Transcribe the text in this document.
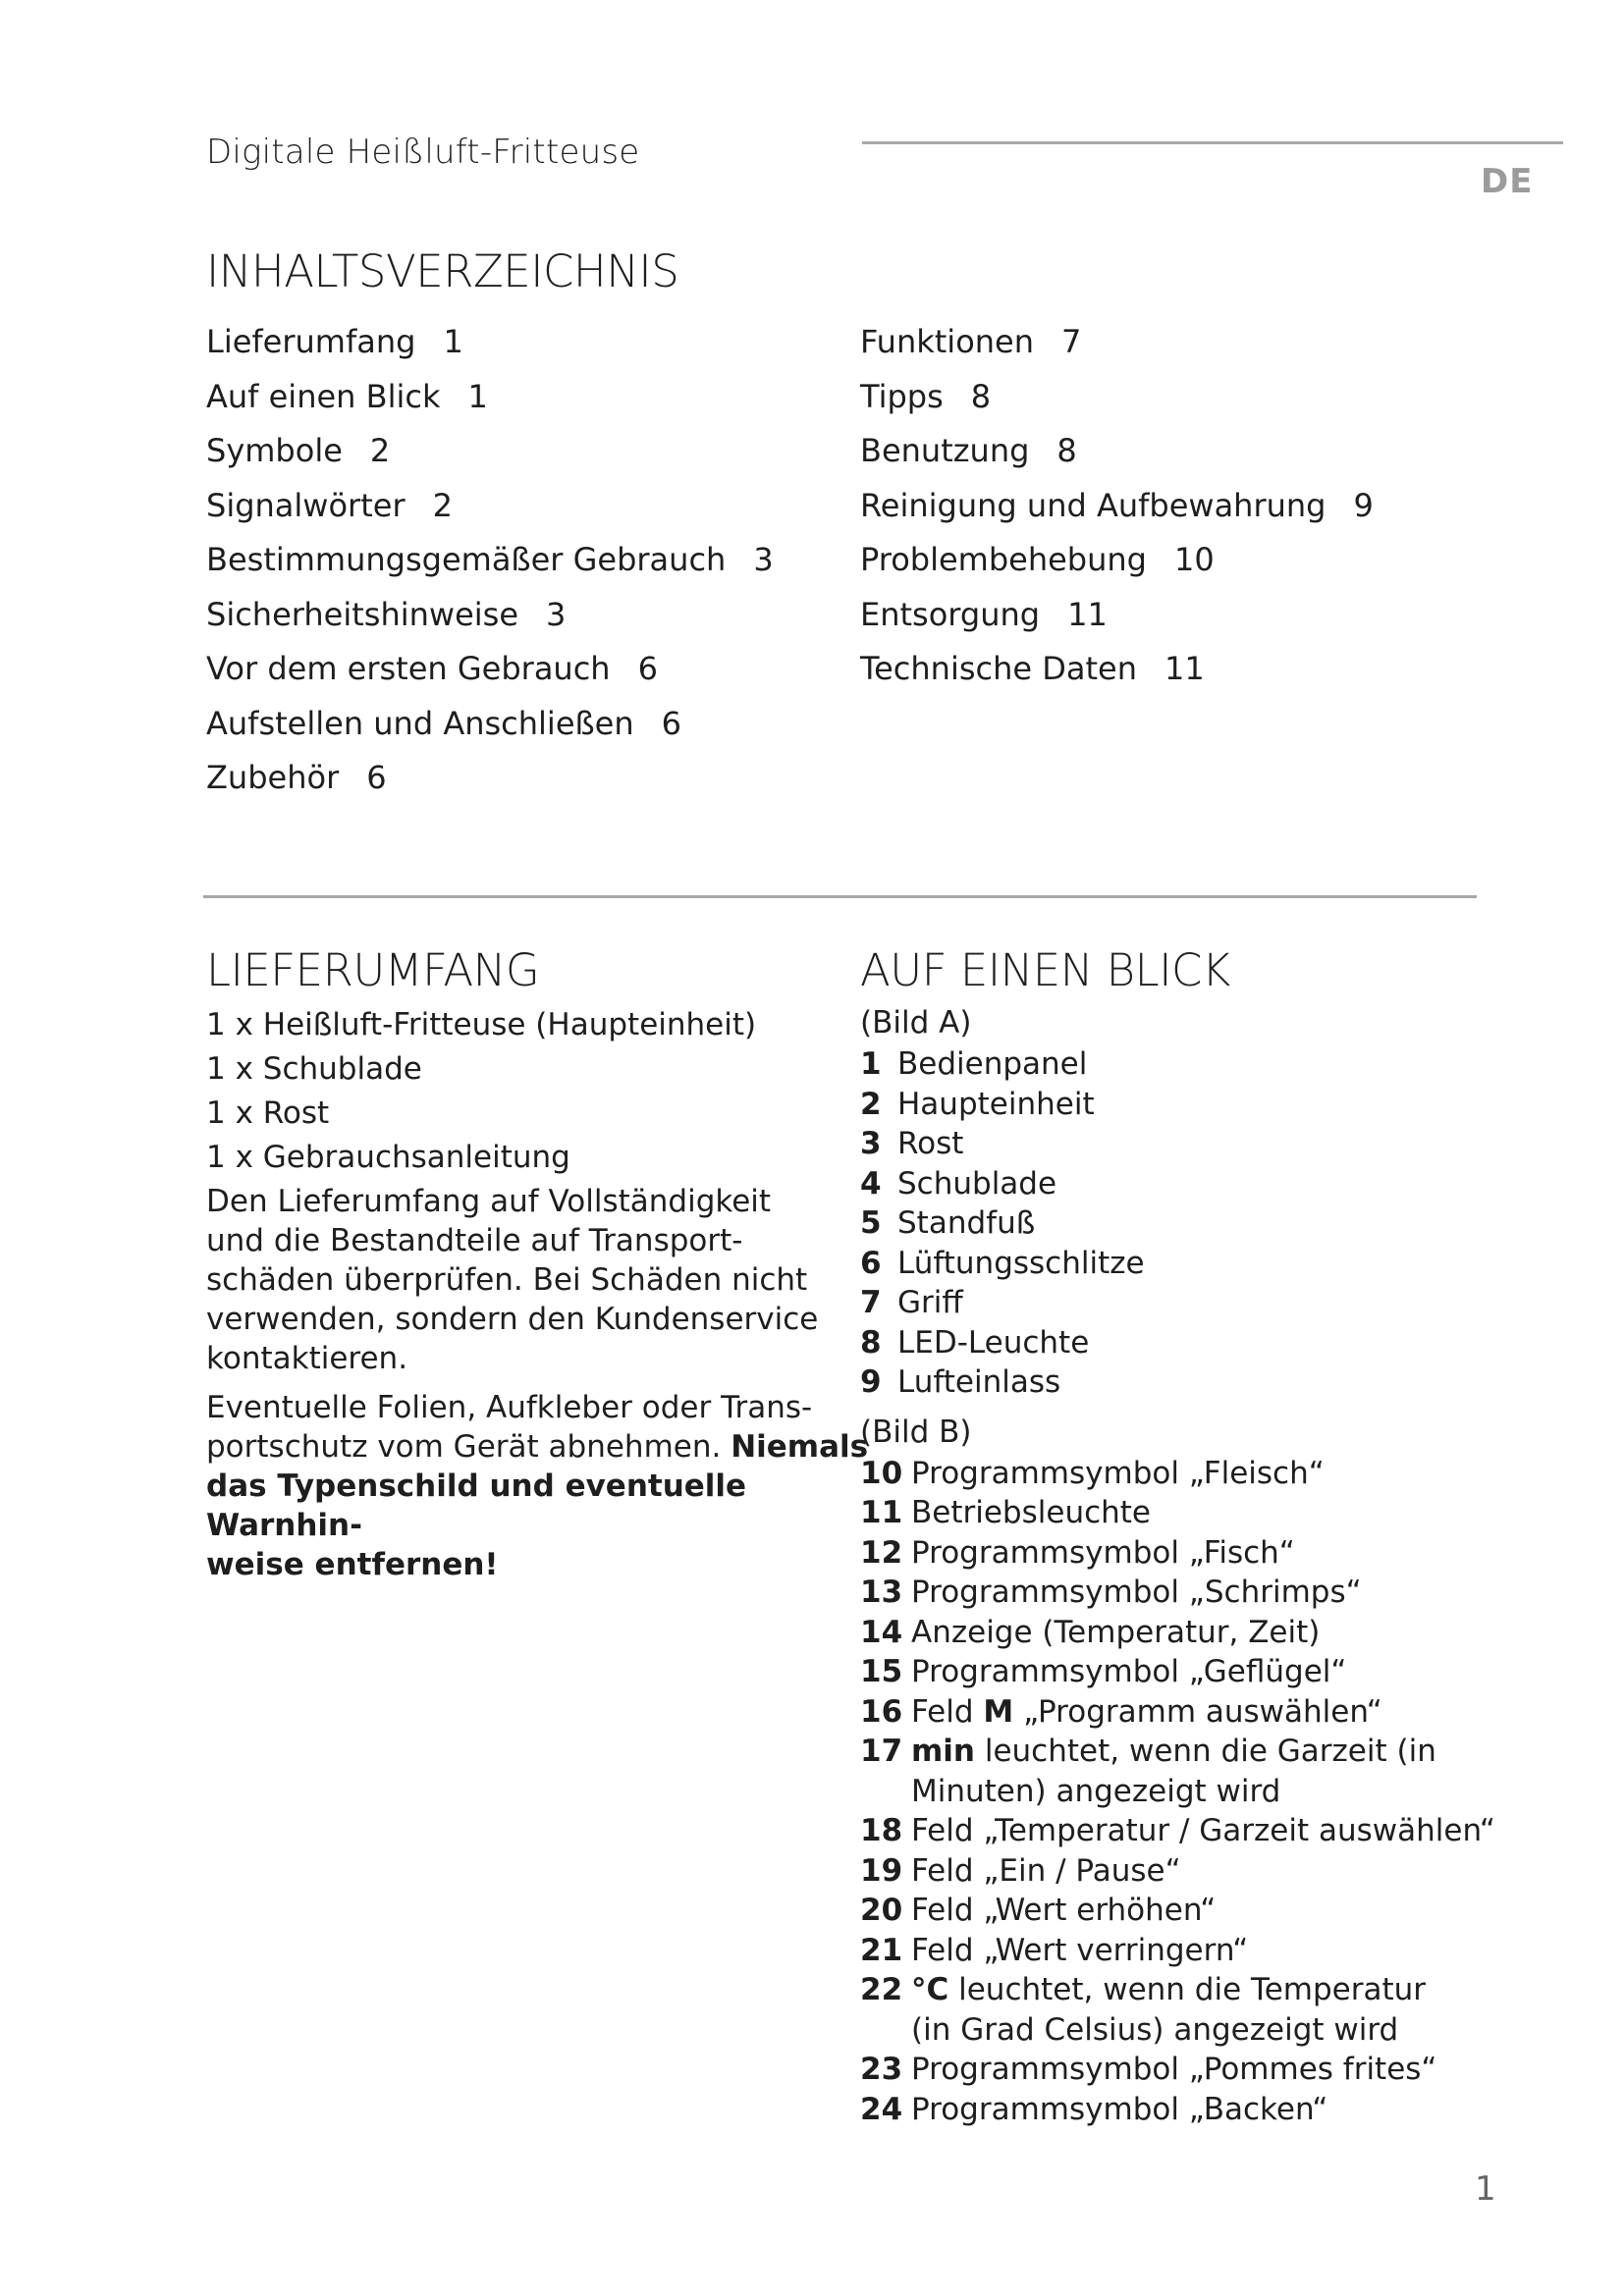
Digitale Heißluft-Fritteuse
DE
INHALTSVERZEICHNIS
Lieferumfang 1
Auf einen Blick 1
Symbole 2
Signalwörter 2
Bestimmungsgemäßer Gebrauch 3
Sicherheitshinweise 3
Vor dem ersten Gebrauch 6
Aufstellen und Anschließen 6
Zubehör 6
Funktionen 7
Tipps 8
Benutzung 8
Reinigung und Aufbewahrung 9
Problembehebung 10
Entsorgung 11
Technische Daten 11
LIEFERUMFANG	AUF EINEN BLICK
1 x Heißluft-Fritteuse (Haupteinheit)
1 x Schublade
1 x Rost
1 x Gebrauchsanleitung
Den Lieferumfang auf Vollständigkeit
und die Bestandteile auf Transport-
schäden überprüfen. Bei Schäden nicht
verwenden, sondern den Kundenservice
kontaktieren.
Eventuelle Folien, Aufkleber oder Trans-
portschutz vom Gerät abnehmen. Niemals
das Typenschild und eventuelle Warnhin-
weise entfernen!
(Bild A)
1 Bedienpanel
2 Haupteinheit
3 Rost
4 Schublade
5 Standfuß
6 Lüftungsschlitze
7 Griff
8 LED-Leuchte
9 Lufteinlass
(Bild B)
10 Programmsymbol „Fleisch“
11 Betriebsleuchte
12 Programmsymbol „Fisch“
13 Programmsymbol „Schrimps“
14 Anzeige (Temperatur, Zeit)
15 Programmsymbol „Geflügel“
16 Feld M „Programm auswählen“
17 min leuchtet, wenn die Garzeit (in
Minuten) angezeigt wird
18 Feld „Temperatur / Garzeit auswählen“
19 Feld „Ein / Pause“
20 Feld „Wert erhöhen“
21 Feld „Wert verringern“
22 °C leuchtet, wenn die Temperatur
(in Grad Celsius) angezeigt wird
23 Programmsymbol „Pommes frites“
24 Programmsymbol „Backen“
1
